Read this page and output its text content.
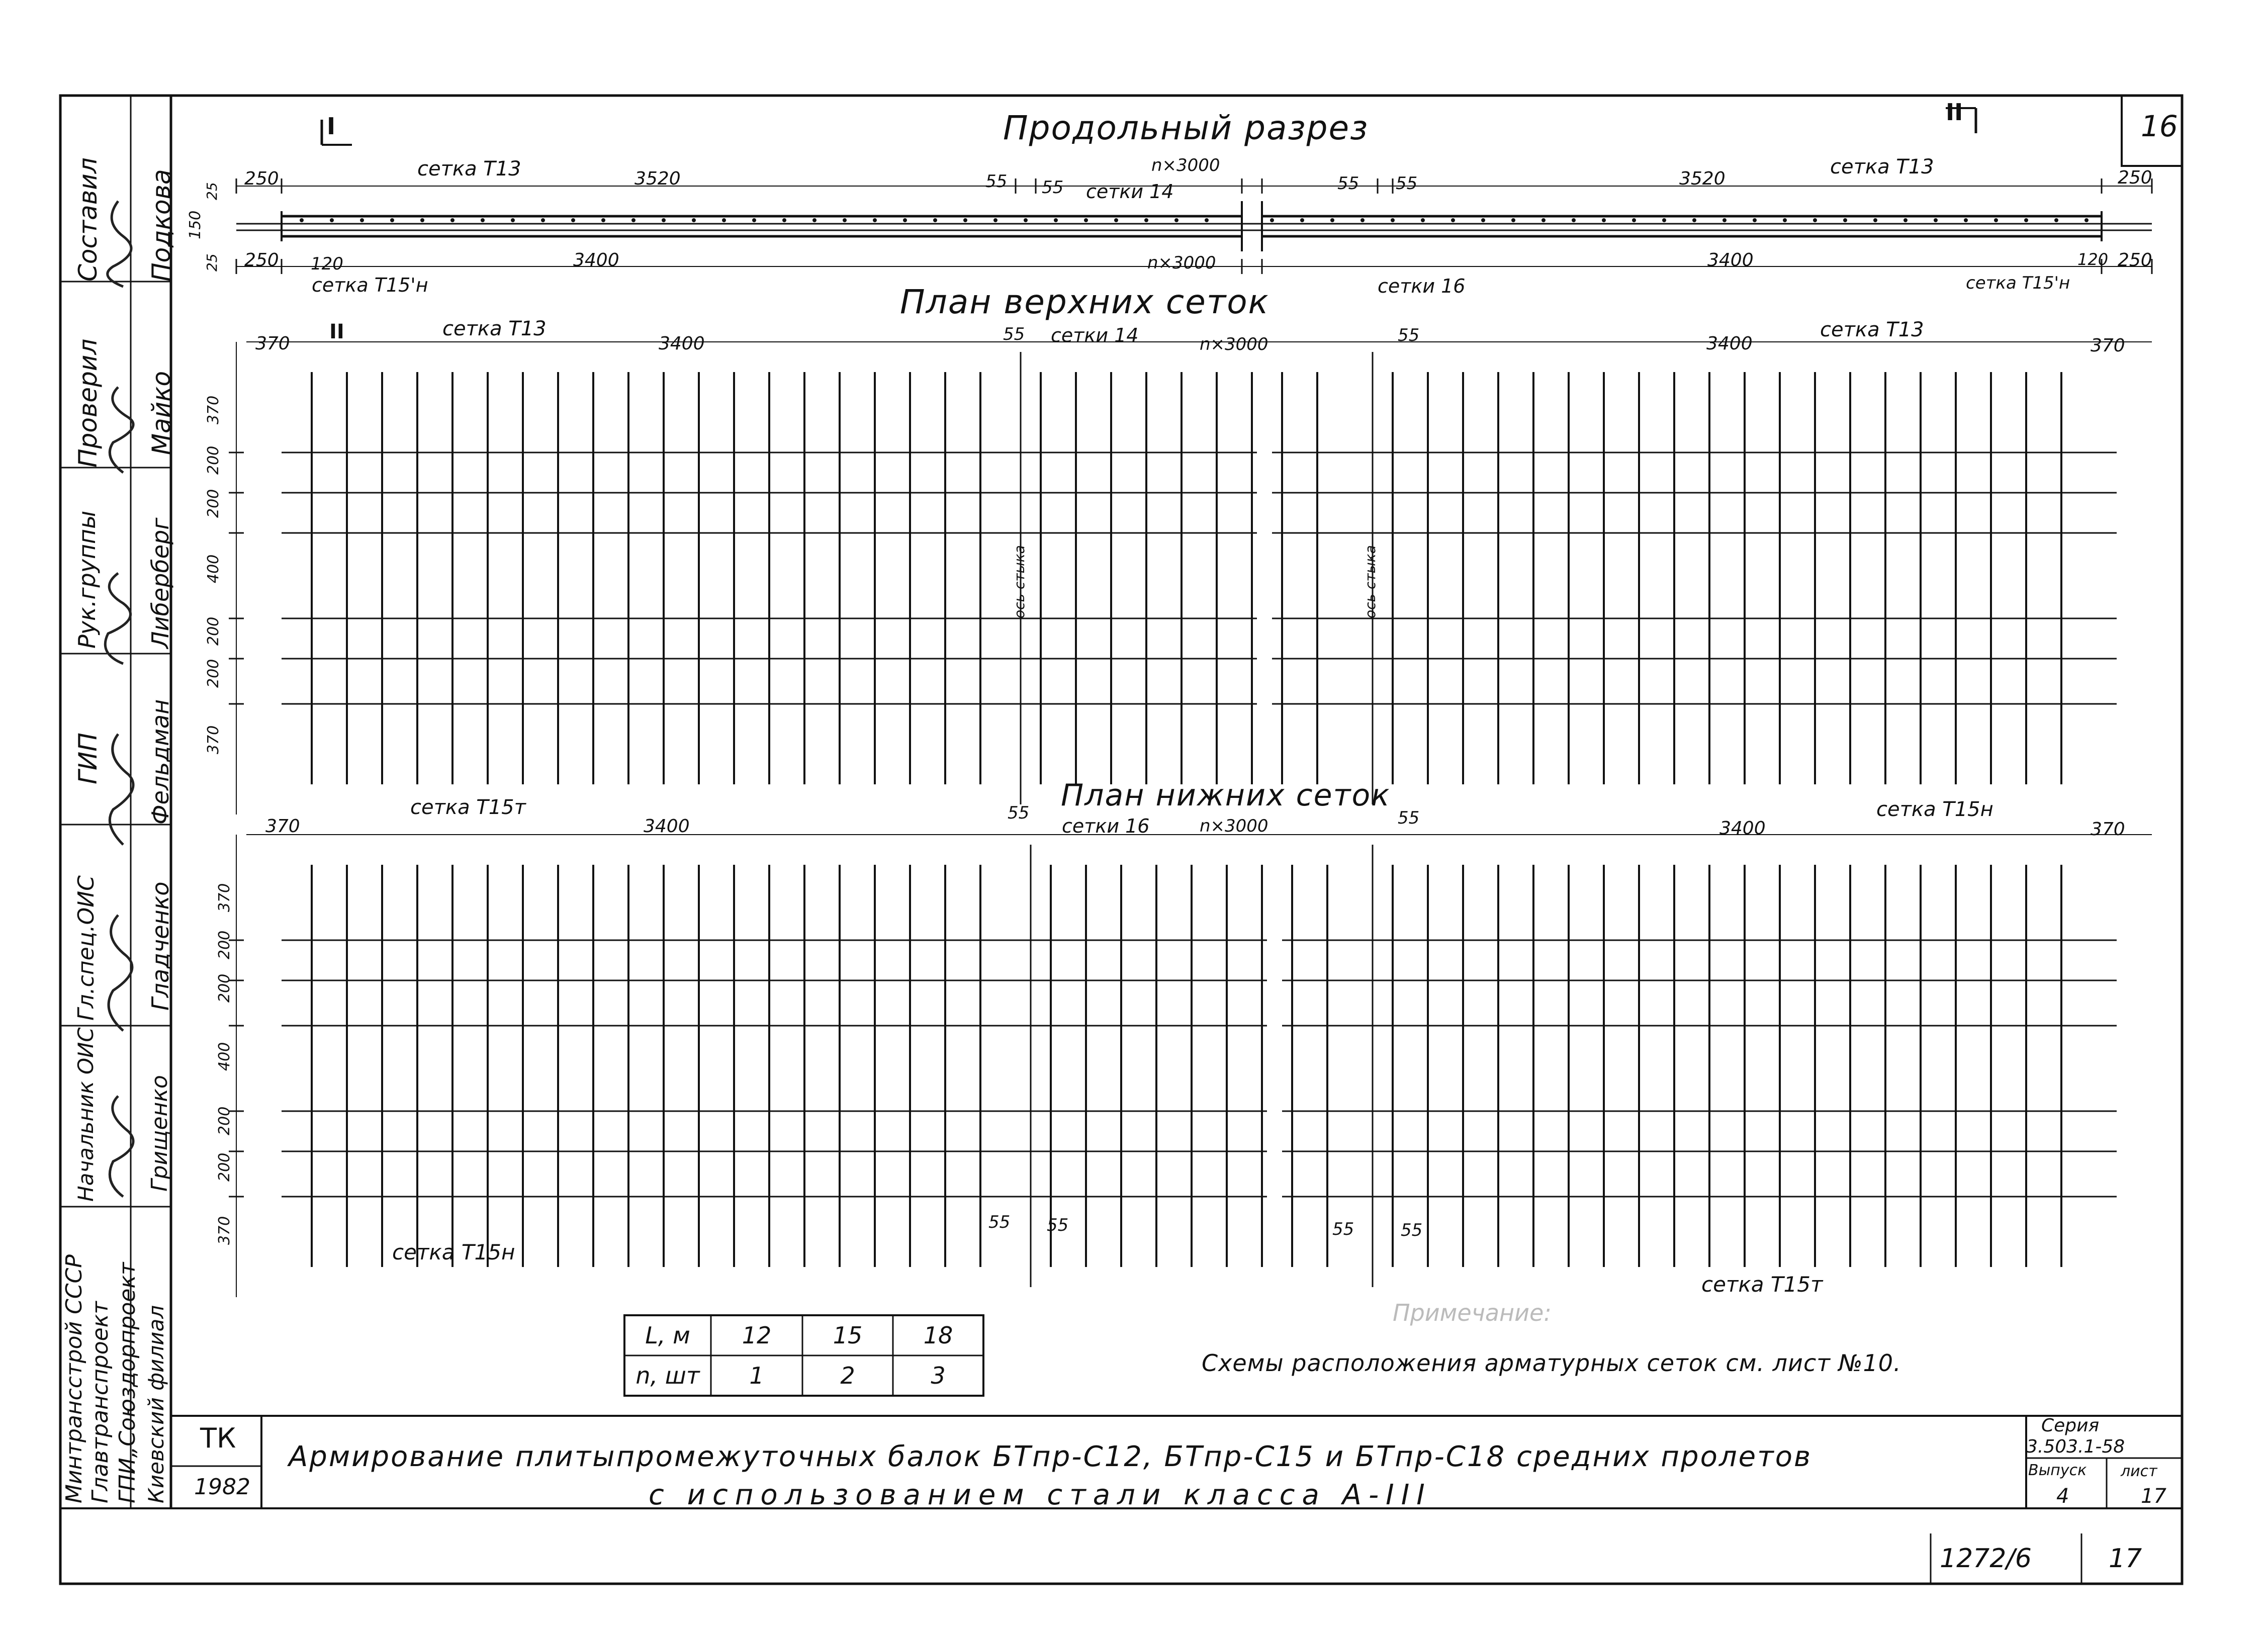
16
Составил Подкова
Проверил Майко
Рук.группы Либерберг
ГИП Фельдман
Гл.спец.ОИС Гладченко
Начальник ОИС Грищенко
Минтрансстрой СССР Главтранспроект ГПИ„Союздорпроект Киевский филиал
Продольный разрез
I
II
сетка Т13
сетки 14
сетка Т13
сетка Т15'н	сетки 16	сетка Т15'н
250	3520	55 55
n×3000
55 55	3520	250
250 120	3400	n×3000	3400	120 250
25
150
25
План верхних сеток
II	сетка Т13	сетки 14	сетка Т13
370	3400	55	n×3000	55	3400	370
370
200
200
400
200
200
370
ось стыка	ось стыка
План нижних сеток
сетка Т15т
сетки 16
сетка Т15н
сетка Т15н
сетка Т15т
370	3400
55
n×3000	55	3400	370
55 55	55	55
370
200
200
400
200
200
370
L, м	12	15	18
n, шт	1	2	3
Примечание:
Схемы расположения арматурных сеток см. лист №10.
ТК
1982
Армирование плитыпромежуточных балок БТпр-С12, БТпр-С15 и БТпр-С18 средних пролетов
с использованием стали класса А-III
Серия
3.503.1-58
Выпуск
4
лист
17
1272/6	17
